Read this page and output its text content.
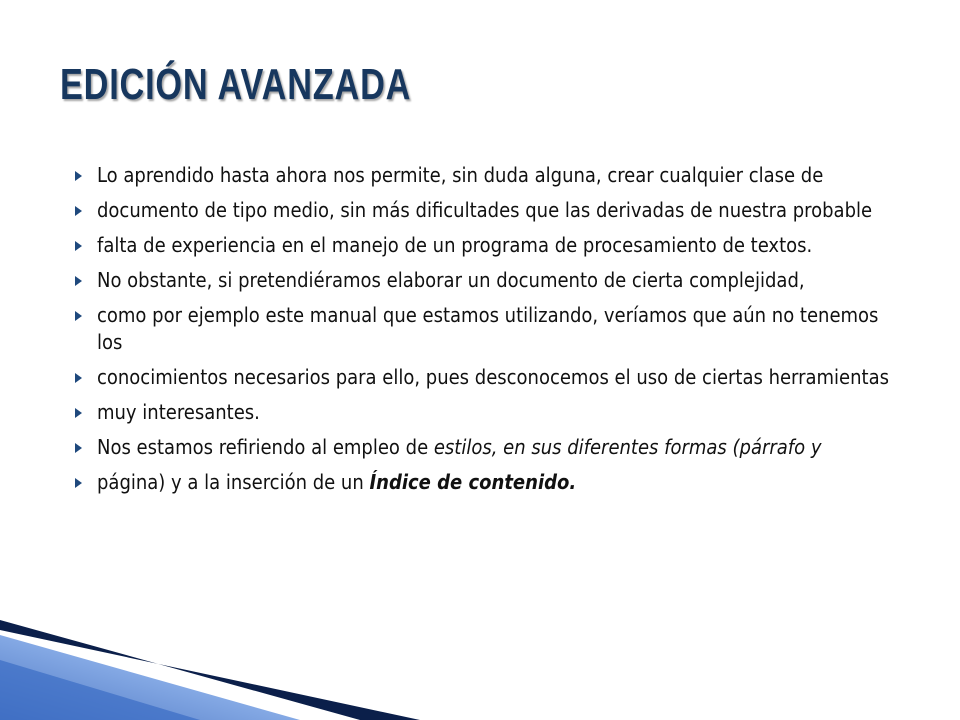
EDICIÓN AVANZADA
Lo aprendido hasta ahora nos permite, sin duda alguna, crear cualquier clase de
documento de tipo medio, sin más dificultades que las derivadas de nuestra probable
falta de experiencia en el manejo de un programa de procesamiento de textos.
No obstante, si pretendiéramos elaborar un documento de cierta complejidad,
como por ejemplo este manual que estamos utilizando, veríamos que aún no tenemos los
conocimientos necesarios para ello, pues desconocemos el uso de ciertas herramientas
muy interesantes.
Nos estamos refiriendo al empleo de estilos, en sus diferentes formas (párrafo y
página) y a la inserción de un Índice de contenido.
